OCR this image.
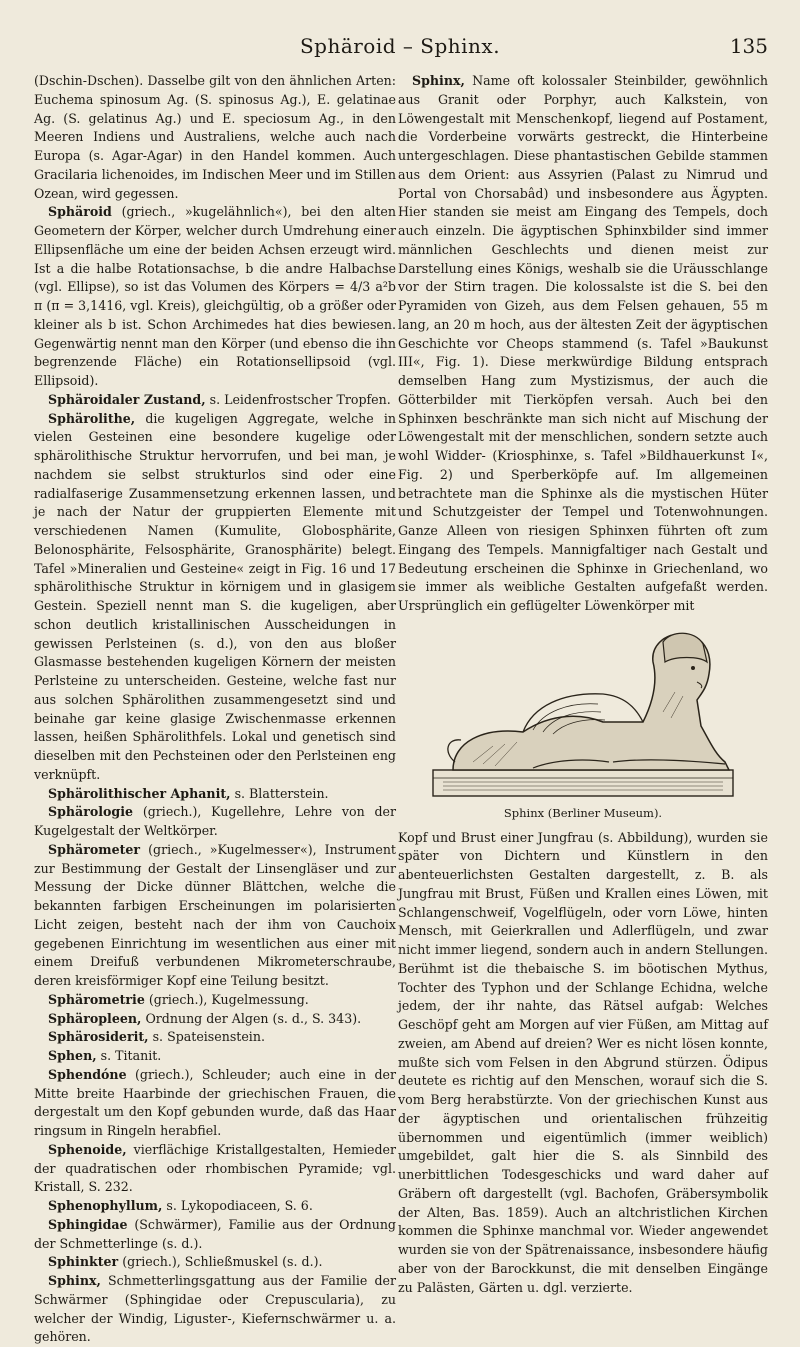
Sphäroid – Sphinx.	135

(Dschin-Dschen). Dasselbe gilt von den ähnlichen Arten: Euchema spinosum Ag. (S. spinosus Ag.), E. gelatinae Ag. (S. gelatinus Ag.) und E. speciosum Ag., in den Meeren Indiens und Australiens, welche auch nach Europa (s. Agar-Agar) in den Handel kommen. Auch Gracilaria lichenoides, im Indischen Meer und im Stillen Ozean, wird gegessen.

Sphäroid (griech., »kugelähnlich«), bei den alten Geometern der Körper, welcher durch Umdrehung einer Ellipsenfläche um eine der beiden Achsen erzeugt wird. Ist a die halbe Rotationsachse, b die andre Halbachse (vgl. Ellipse), so ist das Volumen des Körpers = 4/3 a²b π (π = 3,1416, vgl. Kreis), gleichgültig, ob a größer oder kleiner als b ist. Schon Archimedes hat dies bewiesen. Gegenwärtig nennt man den Körper (und ebenso die ihn begrenzende Fläche) ein Rotationsellipsoid (vgl. Ellipsoid).

Sphäroidaler Zustand, s. Leidenfrostscher Tropfen.

Sphärolithe, die kugeligen Aggregate, welche in vielen Gesteinen eine besondere kugelige oder sphärolithische Struktur hervorrufen, und bei man, je nachdem sie selbst strukturlos sind oder eine radialfaserige Zusammensetzung erkennen lassen, und je nach der Natur der gruppierten Elemente mit verschiedenen Namen (Kumulite, Globosphärite, Belonosphärite, Felsosphärite, Granosphärite) belegt. Tafel »Mineralien und Gesteine« zeigt in Fig. 16 und 17 sphärolithische Struktur in körnigem und in glasigem Gestein. Speziell nennt man S. die kugeligen, aber schon deutlich kristallinischen Ausscheidungen in gewissen Perlsteinen (s. d.), von den aus bloßer Glasmasse bestehenden kugeligen Körnern der meisten Perlsteine zu unterscheiden. Gesteine, welche fast nur aus solchen Sphärolithen zusammengesetzt sind und beinahe gar keine glasige Zwischenmasse erkennen lassen, heißen Sphärolithfels. Lokal und genetisch sind dieselben mit den Pechsteinen oder den Perlsteinen eng verknüpft.

Sphärolithischer Aphanit, s. Blatterstein.

Sphärologie (griech.), Kugellehre, Lehre von der Kugelgestalt der Weltkörper.

Sphärometer (griech., »Kugelmesser«), Instrument zur Bestimmung der Gestalt der Linsengläser und zur Messung der Dicke dünner Blättchen, welche die bekannten farbigen Erscheinungen im polarisierten Licht zeigen, besteht nach der ihm von Cauchoix gegebenen Einrichtung im wesentlichen aus einer mit einem Dreifuß verbundenen Mikrometerschraube, deren kreisförmiger Kopf eine Teilung besitzt.

Sphärometrie (griech.), Kugelmessung.

Sphäroplеen, Ordnung der Algen (s. d., S. 343).

Sphärosiderit, s. Spateisenstein.

Sphen, s. Titanit.

Sphendóne (griech.), Schleuder; auch eine in der Mitte breite Haarbinde der griechischen Frauen, die dergestalt um den Kopf gebunden wurde, daß das Haar ringsum in Ringeln herabfiel.

Sphenoide, vierflächige Kristallgestalten, Hemieder der quadratischen oder rhombischen Pyramide; vgl. Kristall, S. 232.

Sphenophyllum, s. Lykopodiaceen, S. 6.

Sphingidae (Schwärmer), Familie aus der Ordnung der Schmetterlinge (s. d.).

Sphinkter (griech.), Schließmuskel (s. d.).

Sphinx, Schmetterlingsgattung aus der Familie der Schwärmer (Sphingidae oder Crepuscularia), zu welcher der Windig, Liguster-, Kiefernschwärmer u. a. gehören.

Sphinx, Name oft kolossaler Steinbilder, gewöhnlich aus Granit oder Porphyr, auch Kalkstein, von Löwengestalt mit Menschenkopf, liegend auf Postament, die Vorderbeine vorwärts gestreckt, die Hinterbeine untergeschlagen. Diese phantastischen Gebilde stammen aus dem Orient: aus Assyrien (Palast zu Nimrud und Portal von Chorsabâd) und insbesondere aus Ägypten. Hier standen sie meist am Eingang des Tempels, doch auch einzeln. Die ägyptischen Sphinxbilder sind immer männlichen Geschlechts und dienen meist zur Darstellung eines Königs, weshalb sie die Uräusschlange vor der Stirn tragen. Die kolossalste ist die S. bei den Pyramiden von Gizeh, aus dem Felsen gehauen, 55 m lang, an 20 m hoch, aus der ältesten Zeit der ägyptischen Geschichte vor Cheops stammend (s. Tafel »Baukunst III«, Fig. 1). Diese merkwürdige Bildung entsprach demselben Hang zum Mystizismus, der auch die Götterbilder mit Tierköpfen versah. Auch bei den Sphinxen beschränkte man sich nicht auf Mischung der Löwengestalt mit der menschlichen, sondern setzte auch wohl Widder- (Kriosphinxe, s. Tafel »Bildhauerkunst I«, Fig. 2) und Sperberköpfe auf. Im allgemeinen betrachtete man die Sphinxe als die mystischen Hüter und Schutzgeister der Tempel und Totenwohnungen. Ganze Alleen von riesigen Sphinxen führten oft zum Eingang des Tempels. Mannigfaltiger nach Gestalt und Bedeutung erscheinen die Sphinxe in Griechenland, wo sie immer als weibliche Gestalten aufgefaßt werden. Ursprünglich ein geflügelter Löwenkörper mit

Sphinx (Berliner Museum).

Kopf und Brust einer Jungfrau (s. Abbildung), wurden sie später von Dichtern und Künstlern in den abenteuerlichsten Gestalten dargestellt, z. B. als Jungfrau mit Brust, Füßen und Krallen eines Löwen, mit Schlangenschweif, Vogelflügeln, oder vorn Löwe, hinten Mensch, mit Geierkrallen und Adlerflügeln, und zwar nicht immer liegend, sondern auch in andern Stellungen. Berühmt ist die thebaische S. im böotischen Mythus, Tochter des Typhon und der Schlange Echidna, welche jedem, der ihr nahte, das Rätsel aufgab: Welches Geschöpf geht am Morgen auf vier Füßen, am Mittag auf zweien, am Abend auf dreien? Wer es nicht lösen konnte, mußte sich vom Felsen in den Abgrund stürzen. Ödipus deutete es richtig auf den Menschen, worauf sich die S. vom Berg herabstürzte. Von der griechischen Kunst aus der ägyptischen und orientalischen frühzeitig übernommen und eigentümlich (immer weiblich) umgebildet, galt hier die S. als Sinnbild des unerbittlichen Todesgeschicks und ward daher auf Gräbern oft dargestellt (vgl. Bachofen, Gräbersymbolik der Alten, Bas. 1859). Auch an altchristlichen Kirchen kommen die Sphinxe manchmal vor. Wieder angewendet wurden sie von der Spätrenaissance, insbesondere häufig aber von der Barockkunst, die mit denselben Eingänge zu Palästen, Gärten u. dgl. verzierte.
